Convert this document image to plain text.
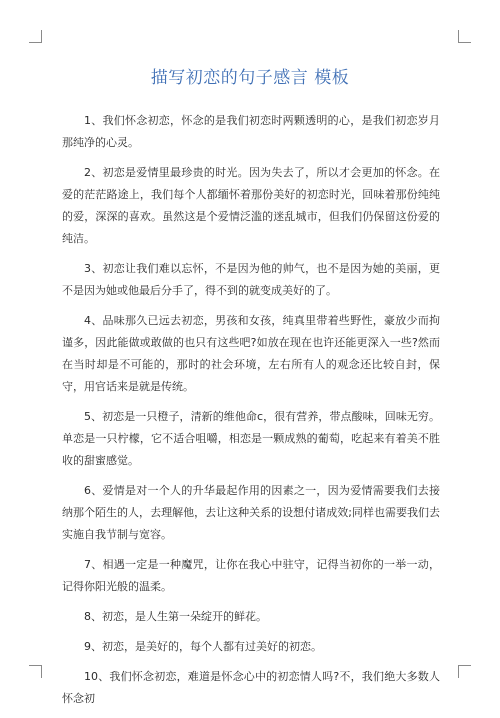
描写初恋的句子感言 模板

1、我们怀念初恋，怀念的是我们初恋时两颗透明的心，是我们初恋岁月那纯净的心灵。

2、初恋是爱情里最珍贵的时光。因为失去了，所以才会更加的怀念。在爱的茫茫路途上，我们每个人都缅怀着那份美好的初恋时光，回味着那份纯纯的爱，深深的喜欢。虽然这是个爱情泛滥的迷乱城市，但我们仍保留这份爱的纯洁。

3、初恋让我们难以忘怀，不是因为他的帅气，也不是因为她的美丽，更不是因为她或他最后分手了，得不到的就变成美好的了。

4、品味那久已远去初恋，男孩和女孩，纯真里带着些野性，豪放少而拘谨多，因此能做或敢做的也只有这些吧?如放在现在也许还能更深入一些?然而在当时却是不可能的，那时的社会环境，左右所有人的观念还比较自封，保守，用官话来是就是传统。

5、初恋是一只橙子，清新的维他命c，很有营养，带点酸味，回味无穷。单恋是一只柠檬，它不适合咀嚼，相恋是一颗成熟的葡萄，吃起来有着美不胜收的甜蜜感觉。

6、爱情是对一个人的升华最起作用的因素之一，因为爱情需要我们去接纳那个陌生的人，去理解他，去让这种关系的设想付诸成效;同样也需要我们去实施自我节制与宽容。

7、相遇一定是一种魔咒，让你在我心中驻守，记得当初你的一举一动，记得你阳光般的温柔。

8、初恋，是人生第一朵绽开的鲜花。

9、初恋，是美好的，每个人都有过美好的初恋。

10、我们怀念初恋，难道是怀念心中的初恋情人吗?不，我们绝大多数人怀念初
